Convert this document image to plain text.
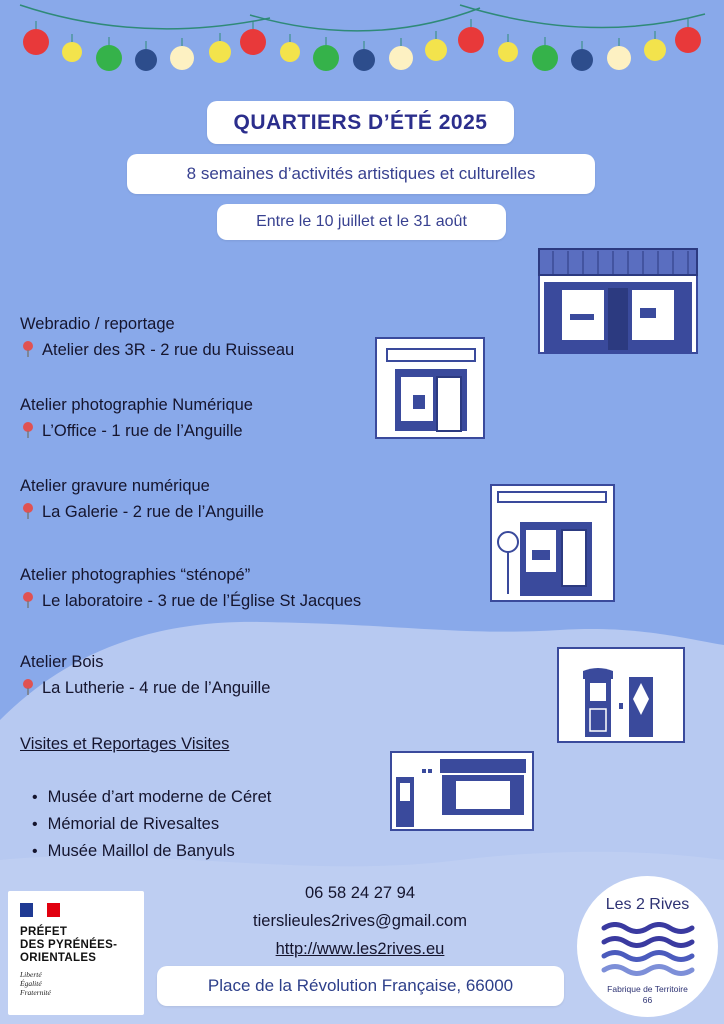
QUARTIERS D’ÉTÉ 2025
8 semaines d’activités artistiques et culturelles
Entre le 10 juillet et le 31 août
Webradio / reportage
Atelier des 3R - 2 rue du Ruisseau
Atelier photographie Numérique
L’Office - 1 rue de l’Anguille
Atelier gravure numérique
La Galerie - 2 rue de l’Anguille
Atelier photographies “sténopé”
Le laboratoire - 3 rue de l’Église St Jacques
Atelier Bois
La Lutherie - 4 rue de l’Anguille
Visites et Reportages Visites
• Musée d’art moderne de Céret
• Mémorial de Rivesaltes
• Musée Maillol de Banyuls
06 58 24 27 94
tierslieules2rives@gmail.com
http://www.les2rives.eu
Place de la Révolution Française, 66000
PRÉFET
DES PYRÉNÉES-
ORIENTALES
Liberté
Égalité
Fraternité
Les 2 Rives
Fabrique de Territoire
66
